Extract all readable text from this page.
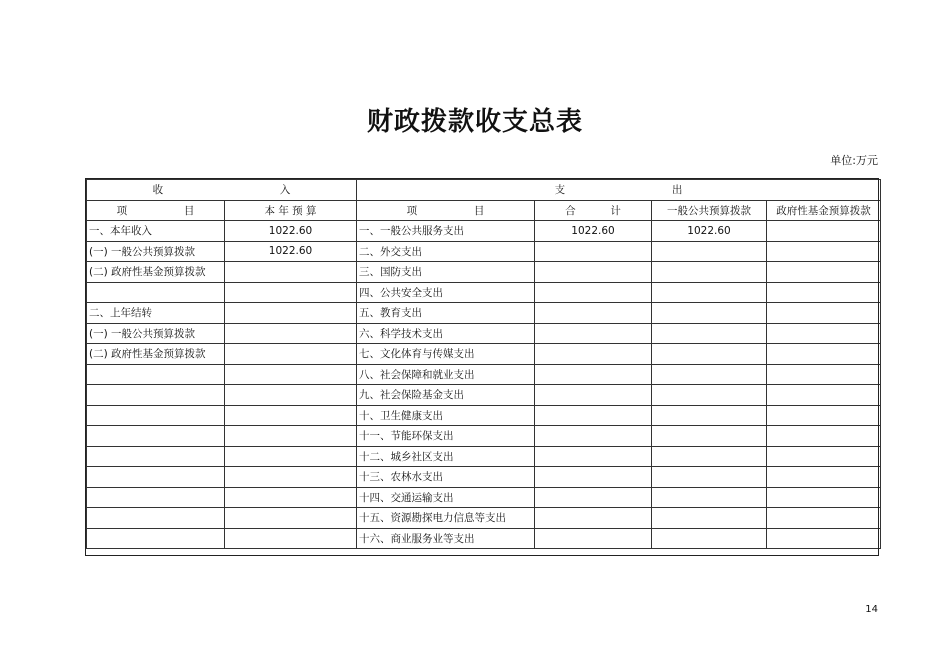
财政拨款收支总表
单位:万元
收 入		支 出			
项 目	本 年 预 算	项 目	合 计	一般公共预算拨款	政府性基金预算拨款
一、本年收入	1022.60	一、一般公共服务支出	1022.60	1022.60	
(一) 一般公共预算拨款	1022.60	二、外交支出			
(二) 政府性基金预算拨款		三、国防支出			
		四、公共安全支出			
二、上年结转		五、教育支出			
(一) 一般公共预算拨款		六、科学技术支出			
(二) 政府性基金预算拨款		七、文化体育与传媒支出			
		八、社会保障和就业支出			
		九、社会保险基金支出			
		十、卫生健康支出			
		十一、节能环保支出			
		十二、城乡社区支出			
		十三、农林水支出			
		十四、交通运输支出			
		十五、资源勘探电力信息等支出			
		十六、商业服务业等支出			
14
